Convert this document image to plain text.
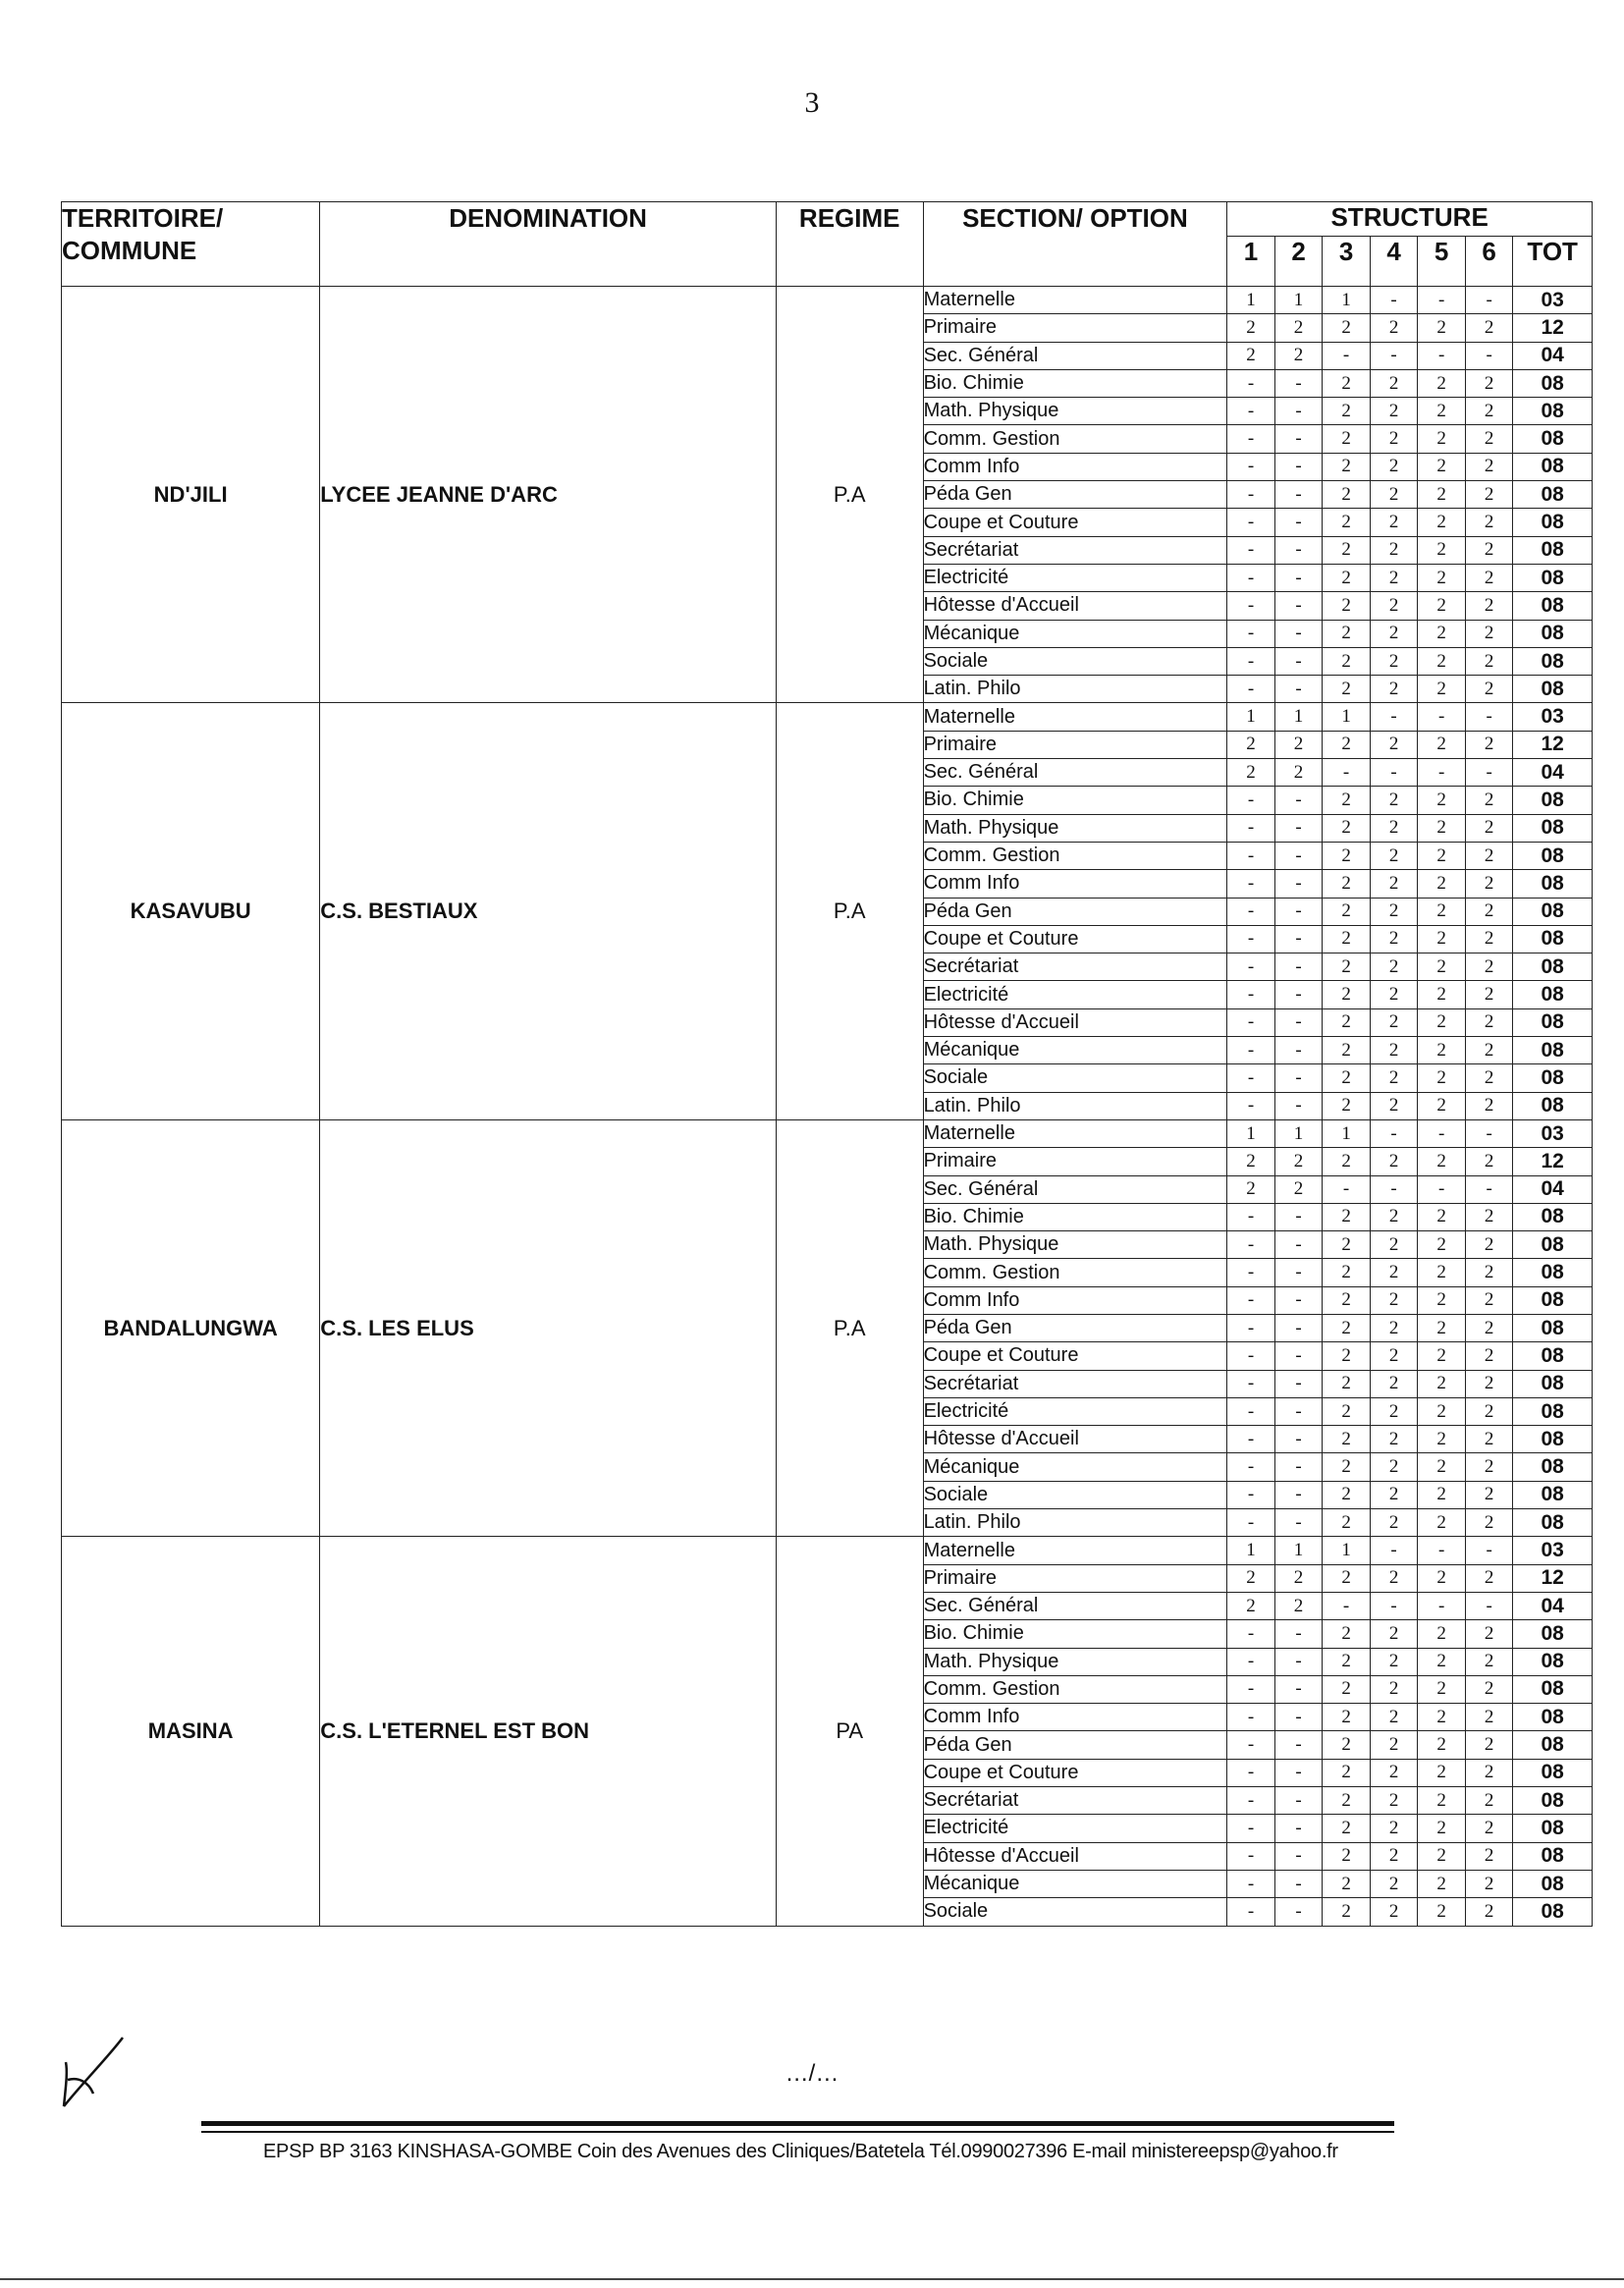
3
TERRITOIRE/ COMMUNE	DENOMINATION	REGIME	SECTION/ OPTION	STRUCTURE						
				1	2	3	4	5	6	TOT
ND'JILI	LYCEE JEANNE D'ARC	P.A	Maternelle	1	1	1	-	-	-	03
			Primaire	2	2	2	2	2	2	12
			Sec. Général	2	2	-	-	-	-	04
			Bio. Chimie	-	-	2	2	2	2	08
			Math. Physique	-	-	2	2	2	2	08
			Comm. Gestion	-	-	2	2	2	2	08
			Comm Info	-	-	2	2	2	2	08
			Péda Gen	-	-	2	2	2	2	08
			Coupe et Couture	-	-	2	2	2	2	08
			Secrétariat	-	-	2	2	2	2	08
			Electricité	-	-	2	2	2	2	08
			Hôtesse d'Accueil	-	-	2	2	2	2	08
			Mécanique	-	-	2	2	2	2	08
			Sociale	-	-	2	2	2	2	08
			Latin. Philo	-	-	2	2	2	2	08
KASAVUBU	C.S. BESTIAUX	P.A	Maternelle	1	1	1	-	-	-	03
			Primaire	2	2	2	2	2	2	12
			Sec. Général	2	2	-	-	-	-	04
			Bio. Chimie	-	-	2	2	2	2	08
			Math. Physique	-	-	2	2	2	2	08
			Comm. Gestion	-	-	2	2	2	2	08
			Comm Info	-	-	2	2	2	2	08
			Péda Gen	-	-	2	2	2	2	08
			Coupe et Couture	-	-	2	2	2	2	08
			Secrétariat	-	-	2	2	2	2	08
			Electricité	-	-	2	2	2	2	08
			Hôtesse d'Accueil	-	-	2	2	2	2	08
			Mécanique	-	-	2	2	2	2	08
			Sociale	-	-	2	2	2	2	08
			Latin. Philo	-	-	2	2	2	2	08
BANDALUNGWA	C.S. LES ELUS	P.A	Maternelle	1	1	1	-	-	-	03
			Primaire	2	2	2	2	2	2	12
			Sec. Général	2	2	-	-	-	-	04
			Bio. Chimie	-	-	2	2	2	2	08
			Math. Physique	-	-	2	2	2	2	08
			Comm. Gestion	-	-	2	2	2	2	08
			Comm Info	-	-	2	2	2	2	08
			Péda Gen	-	-	2	2	2	2	08
			Coupe et Couture	-	-	2	2	2	2	08
			Secrétariat	-	-	2	2	2	2	08
			Electricité	-	-	2	2	2	2	08
			Hôtesse d'Accueil	-	-	2	2	2	2	08
			Mécanique	-	-	2	2	2	2	08
			Sociale	-	-	2	2	2	2	08
			Latin. Philo	-	-	2	2	2	2	08
MASINA	C.S. L'ETERNEL EST BON	PA	Maternelle	1	1	1	-	-	-	03
			Primaire	2	2	2	2	2	2	12
			Sec. Général	2	2	-	-	-	-	04
			Bio. Chimie	-	-	2	2	2	2	08
			Math. Physique	-	-	2	2	2	2	08
			Comm. Gestion	-	-	2	2	2	2	08
			Comm Info	-	-	2	2	2	2	08
			Péda Gen	-	-	2	2	2	2	08
			Coupe et Couture	-	-	2	2	2	2	08
			Secrétariat	-	-	2	2	2	2	08
			Electricité	-	-	2	2	2	2	08
			Hôtesse d'Accueil	-	-	2	2	2	2	08
			Mécanique	-	-	2	2	2	2	08
			Sociale	-	-	2	2	2	2	08
…/…
EPSP BP 3163 KINSHASA-GOMBE Coin des Avenues des Cliniques/Batetela Tél.0990027396 E-mail ministereepsp@yahoo.fr
